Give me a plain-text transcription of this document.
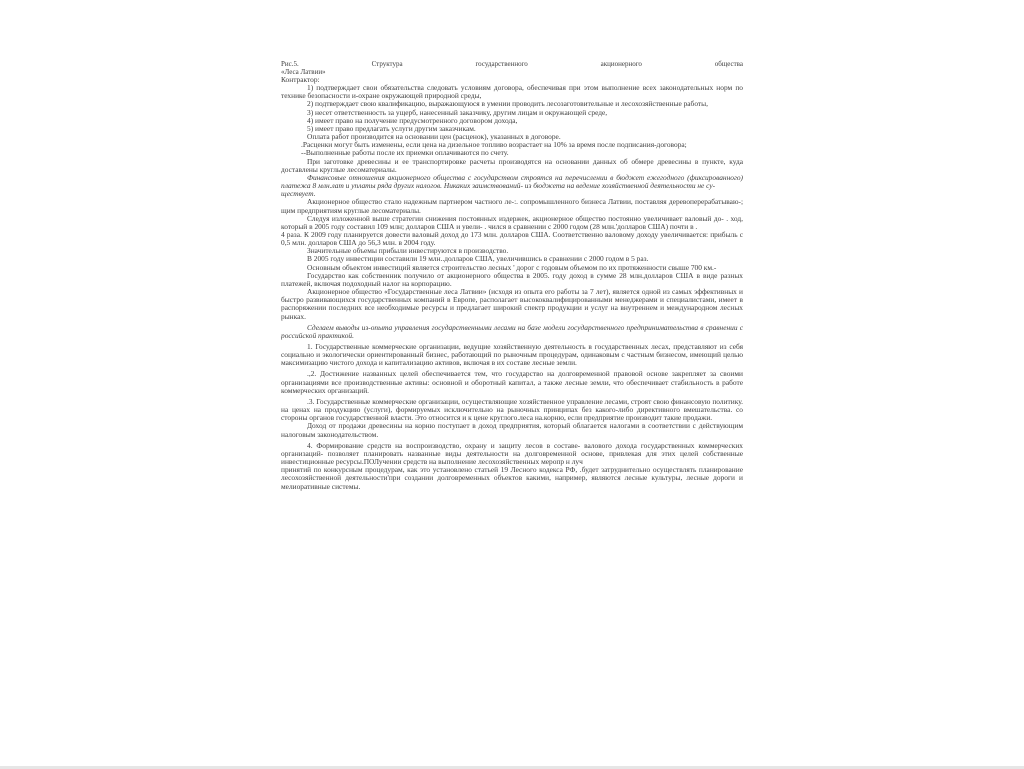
Рис.5.	Структура	государственного	акционерного	общества
«Леса Латвии»

Контрактор:

1) подтверждает свои обязательства следовать условиям договора, обеспечивая при этом выполнение всех законодательных норм по технике безопасности и-охране окружающей природной среды,

2) подтверждает свою квалификацию, выражающуюся в умении проводить лесозаготовительные и лесохозяйственные работы,

3) несет ответственность за ущерб, нанесенный заказчику, другим лицам и окружающей среде,

4) имеет право на получение предусмотренного договором дохода,

5) имеет право предлагать услуги другим заказчикам.

Оплата работ производится на основании цен (расценок), указанных в договоре.

.Расценки могут быть изменены, если цена на дизельное топливо возрастает на 10% за время после подписания-договора;

--Выполненные работы после их приемки оплачиваются по счету.

При заготовке древесины и ее транспортировке расчеты производятся на основании данных об обмере древесины в пункте, куда доставлены круглые лесоматериалы.

Финансовые отношения акционерного общества с государством строятся на перечислении в бюджет ежегодного (фиксированного) платежа 8 млн.лат и уплаты ряда других налогов. Никаких заимствований- из бюджета на ведение хозяйственной деятельности не су-

ществует.

Акционерное общество стало надежным партнером частного ле-:. сопромышленного бизнеса Латвии, поставляя деревоперерабатываю-; щим предприятиям круглые лесоматериалы.

Следуя изложенной выше стратегии снижения постоянных издержек, акционерное общество постоянно увеличивает валовый до- . ход, который в 2005 году составил 109 млн; долларов США и увели- . чился в сравнении с 2000 годом (28 млн.'долларов США) почти в .

4 раза. К 2009 году планируется довести валовый доход до 173 млн. долларов США. Соответственно валовому доходу увеличивается: прибыль с 0,5 млн. долларов США до 56,3 млн. в 2004 году.

Значительные объемы прибыли инвестируются в производство.

В 2005 году инвестиции составили 19 млн..долларов США, увеличившись в сравнении с 2000 годом в 5 раз.

Основным объектом инвестиций является строительство лесных ' дорог с годовым объемом по их протяженности свыше 700 км.-

Государство как собственник получило от акционерного общества в 2005. году доход в сумме 28 млн.долларов США в виде разных платежей, включая подоходный налог на корпорацию.

Акционерное общество «Государственные леса Латвии» (исходя из опыта его работы за 7 лет), является одной из самых эффективных и быстро развивающихся государственных компаний в Европе, располагает высококвалифицированными менеджерами и специалистами, имеет в распоряжении последних все необходимые ресурсы и предлагает широкий спектр продукции и услуг на внутреннем и международном лесных рынках.

Сделаем выводы из-опыта управления государственными лесами на базе модели государственного предпринимательства в сравнении с российской практикой.

1. Государственные коммерческие организации, ведущие хозяйственную деятельность в государственных лесах, представляют из себя социально и экологически ориентированный бизнес, работающий по рыночным процедурам, одинаковым с частным бизнесом, имеющий целью максимизацию чистого дохода и капитализацию активов, включая в их составе лесные земли.

.,2. Достижение названных целей обеспечивается тем, что государство на долговременной правовой основе закрепляет за своими организациями все производственные активы: основной и оборотный капитал, а также лесные земли, что обеспечивает стабильность в работе коммерческих организаций.

.3. Государственные коммерческие организации, осуществляющие хозяйственное управление лесами, строят свою финансовую политику. на ценах на продукцию (услуги), формируемых исключительно на рыночных принципах без какого-либо директивного вмешательства. со стороны органов государственной власти. Это относится и к цене круглого.леса на.корню, если предприятие производит такие продажи.

Доход от продажи древесины на корню поступает в доход предприятия, который облагается налогами в соответствии с действующим налоговым законодательством.

4. Формирование средств на воспроизводство, охрану и защиту лесов в составе- валового дохода государственных коммерческих организаций- позволяет планировать названные виды деятельности на долговременной основе, привлекая для этих целей собственные инвестиционные ресурсы.ПОЛучении средств на выполнение лесохозяйственных меропр н луч

принятий по конкурсным процедурам, как это установлено статьей 19 Лесного кодекса РФ, .будет затруднительно осуществлять планирование лесохозяйственной деятельности'при создании долговременных объектов какими, например, являются лесные культуры, лесные дороги и мелиоративные системы.
